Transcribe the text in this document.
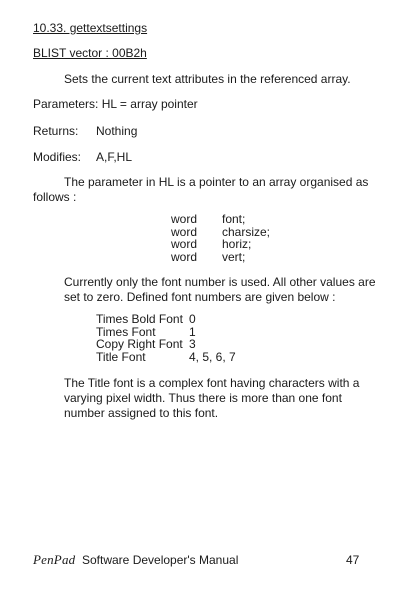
10.33. gettextsettings
BLIST vector : 00B2h
Sets the current text attributes in the referenced array.
Parameters: HL = array pointer
Returns: Nothing
Modifies: A,F,HL
The parameter in HL is a pointer to an array organised as
follows :
word font;
word charsize;
word horiz;
word vert;
Currently only the font number is used. All other values are
set to zero. Defined font numbers are given below :
Times Bold Font 0
Times Font	1
Copy Right Font 3
Title Font	4, 5, 6, 7
The Title font is a complex font having characters with a
varying pixel width. Thus there is more than one font
number assigned to this font.
PenPad Software Developer's Manual	47
